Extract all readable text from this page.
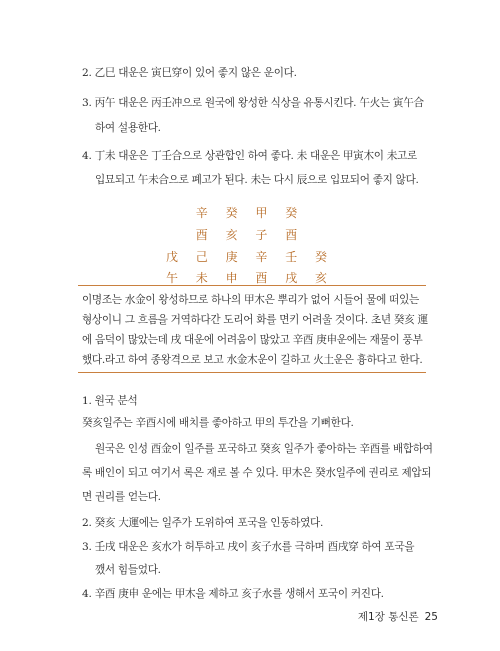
2. 乙巳 대운은 寅巳穿이 있어 좋지 않은 운이다.
3. 丙午 대운은 丙壬冲으로 원국에 왕성한 식상을 유통시킨다. 午火는 寅午合
하여 설용한다.
4. 丁未 대운은 丁壬合으로 상관합인 하여 좋다. 未 대운은 甲寅木이 未고로
입묘되고 午未合으로 폐고가 된다. 未는 다시 辰으로 입묘되어 좋지 않다.
辛 癸 甲 癸
酉 亥 子 酉
戊 己 庚 辛 壬 癸
午 未 申 酉 戌 亥
이명조는 水金이 왕성하므로 하나의 甲木은 뿌리가 없어 시들어 물에 떠있는
형상이니 그 흐름을 거역하다간 도리어 화를 면키 어려울 것이다. 초년 癸亥 運
에 음덕이 많았는데 戌 대운에 어려움이 많았고 辛酉 庚申운에는 재물이 풍부
했다.라고 하여 종왕격으로 보고 水金木운이 길하고 火土운은 흉하다고 한다.
1. 원국 분석
癸亥일주는 辛酉시에 배치를 좋아하고 甲의 투간을 기뻐한다.
원국은 인성 酉金이 일주를 포국하고 癸亥 일주가 좋아하는 辛酉를 배합하여
록 배인이 되고 여기서 록은 재로 볼 수 있다. 甲木은 癸水일주에 권리로 제압되
면 권리를 얻는다.
2. 癸亥 大運에는 일주가 도위하여 포국을 인동하였다.
3. 壬戌 대운은 亥水가 허투하고 戌이 亥子水를 극하며 酉戌穿 하여 포국을
깼서 힘들었다.
4. 辛酉 庚申 운에는 甲木을 제하고 亥子水를 생해서 포국이 커진다.
제1장 통신론 25
